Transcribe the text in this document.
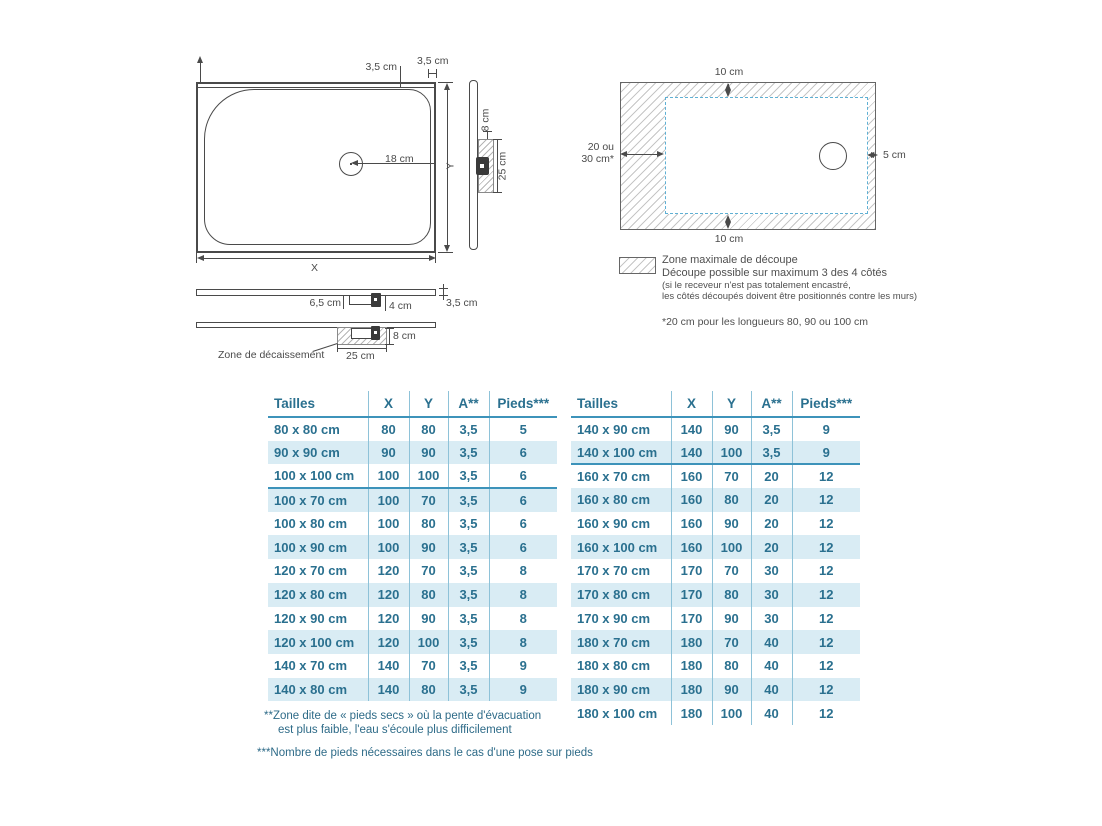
3,5 cm 3,5 cm
18 cm
Y
X
8 cm
25 cm
6,5 cm	4 cm	3,5 cm
8 cm
25 cm
Zone de décaissement
10 cm
10 cm
20 ou
30 cm*	5 cm
Zone maximale de découpe
Découpe possible sur maximum 3 des 4 côtés
(si le receveur n'est pas totalement encastré,
les côtés découpés doivent être positionnés contre les murs)
*20 cm pour les longueurs 80, 90 ou 100 cm
Tailles	X	Y	A**	Pieds***
80 x 80 cm	80	80	3,5	5
90 x 90 cm	90	90	3,5	6
100 x 100 cm	100	100	3,5	6
100 x 70 cm	100	70	3,5	6
100 x 80 cm	100	80	3,5	6
100 x 90 cm	100	90	3,5	6
120 x 70 cm	120	70	3,5	8
120 x 80 cm	120	80	3,5	8
120 x 90 cm	120	90	3,5	8
120 x 100 cm	120	100	3,5	8
140 x 70 cm	140	70	3,5	9
140 x 80 cm	140	80	3,5	9
Tailles	X	Y	A**	Pieds***
140 x 90 cm	140	90	3,5	9
140 x 100 cm	140	100	3,5	9
160 x 70 cm	160	70	20	12
160 x 80 cm	160	80	20	12
160 x 90 cm	160	90	20	12
160 x 100 cm	160	100	20	12
170 x 70 cm	170	70	30	12
170 x 80 cm	170	80	30	12
170 x 90 cm	170	90	30	12
180 x 70 cm	180	70	40	12
180 x 80 cm	180	80	40	12
180 x 90 cm	180	90	40	12
180 x 100 cm	180	100	40	12
**Zone dite de « pieds secs » où la pente d'évacuation
est plus faible, l'eau s'écoule plus difficilement
***Nombre de pieds nécessaires dans le cas d'une pose sur pieds
